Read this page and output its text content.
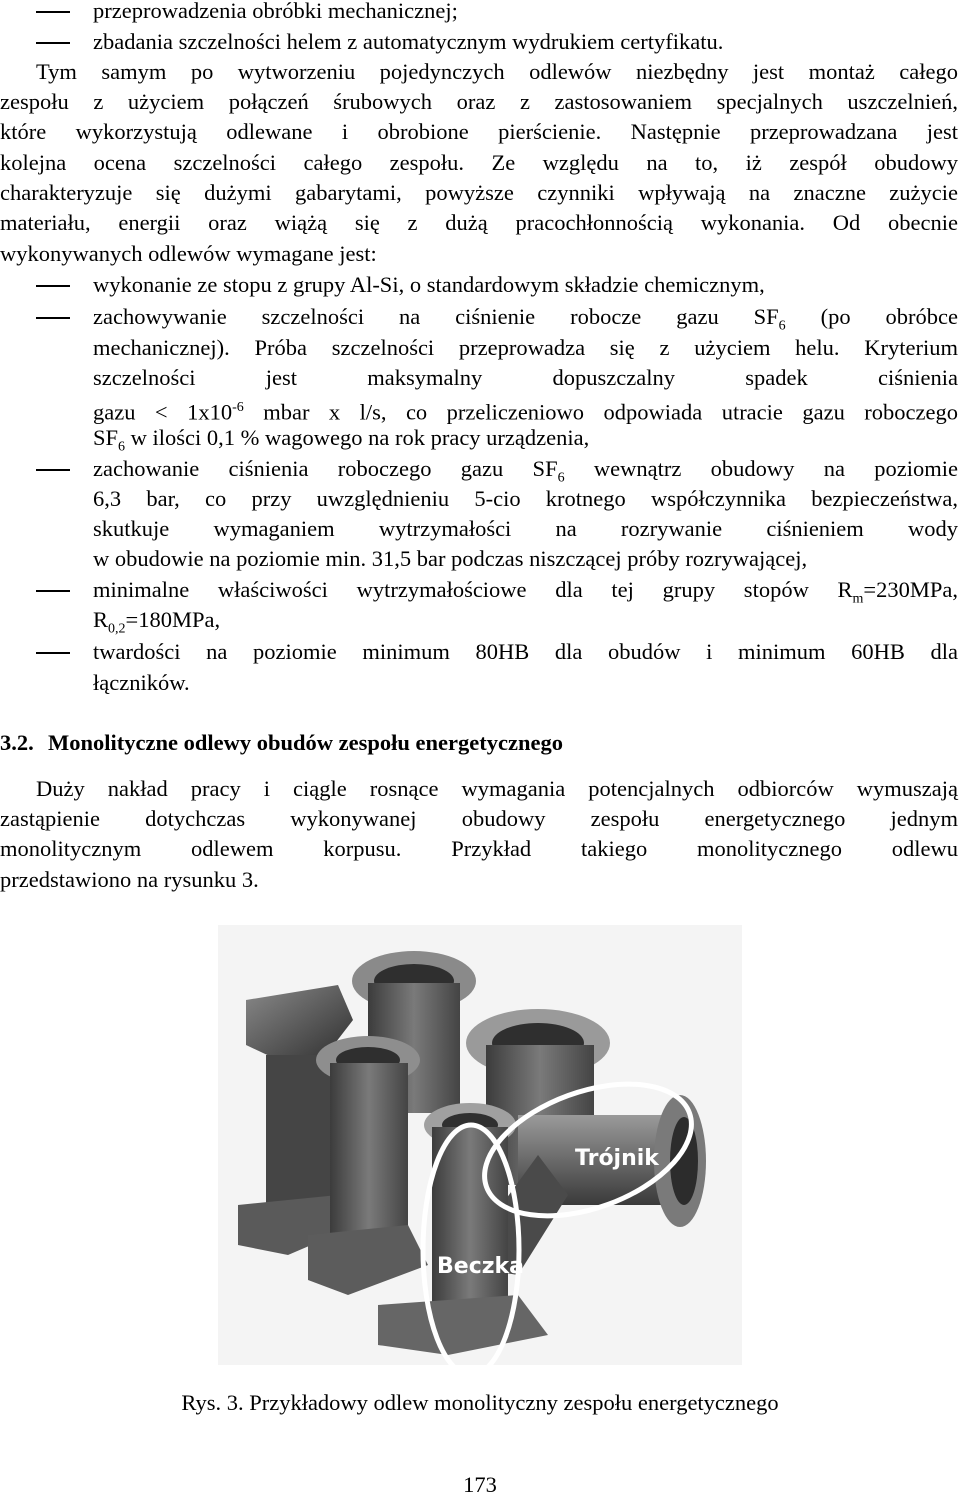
przeprowadzenia obróbki mechanicznej;
zbadania szczelności helem z automatycznym wydrukiem certyfikatu.
Tym samym po wytworzeniu pojedynczych odlewów niezbędny jest montaż całego
zespołu z użyciem połączeń śrubowych oraz z zastosowaniem specjalnych uszczelnień,
które wykorzystują odlewane i obrobione pierścienie. Następnie przeprowadzana jest
kolejna ocena szczelności całego zespołu. Ze względu na to, iż zespół obudowy
charakteryzuje się dużymi gabarytami, powyższe czynniki wpływają na znaczne zużycie
materiału, energii oraz wiążą się z dużą pracochłonnością wykonania. Od obecnie
wykonywanych odlewów wymagane jest:
wykonanie ze stopu z grupy Al-Si, o standardowym składzie chemicznym,
zachowywanie szczelności na ciśnienie robocze gazu $SF_6$ (po obróbce
mechanicznej). Próba szczelności przeprowadza się z użyciem helu. Kryterium
szczelności jest maksymalny dopuszczalny spadek ciśnienia
gazu < $1x10^{-6}$ mbar x l/s, co przeliczeniowo odpowiada utracie gazu roboczego
$SF_6$ w ilości 0,1 % wagowego na rok pracy urządzenia,
zachowanie ciśnienia roboczego gazu $SF_6$ wewnątrz obudowy na poziomie
6,3 bar, co przy uwzględnieniu 5-cio krotnego współczynnika bezpieczeństwa,
skutkuje wymaganiem wytrzymałości na rozrywanie ciśnieniem wody
w obudowie na poziomie min. 31,5 bar podczas niszczącej próby rozrywającej,
minimalne właściwości wytrzymałościowe dla tej grupy stopów $R_m=230MPa$,
$R_{0,2}=180MPa$,
twardości na poziomie minimum 80HB dla obudów i minimum 60HB dla
łączników.
3.2. Monolityczne odlewy obudów zespołu energetycznego
Duży nakład pracy i ciągle rosnące wymagania potencjalnych odbiorców wymuszają
zastąpienie dotychczas wykonywanej obudowy zespołu energetycznego jednym
monolitycznym odlewem korpusu. Przykład takiego monolitycznego odlewu
przedstawiono na rysunku 3.
Trójnik
Beczka
Rys. 3. Przykładowy odlew monolityczny zespołu energetycznego
173
